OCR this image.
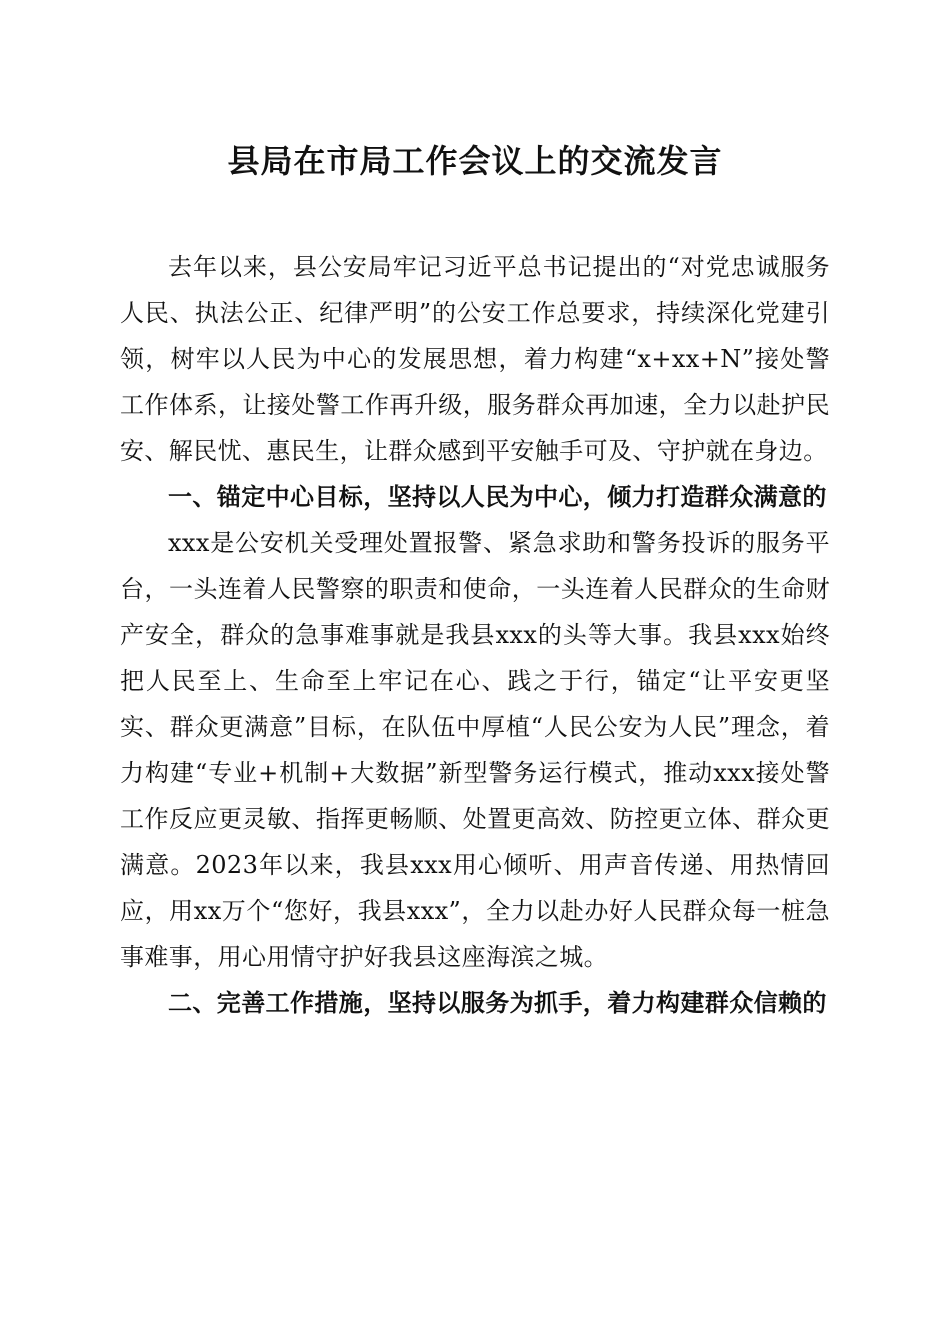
县局在市局工作会议上的交流发言

去年以来，县公安局牢记习近平总书记提出的“对党忠诚服务人民、执法公正、纪律严明”的公安工作总要求，持续深化党建引领，树牢以人民为中心的发展思想，着力构建“x+xx+N”接处警工作体系，让接处警工作再升级，服务群众再加速，全力以赴护民安、解民忧、惠民生，让群众感到平安触手可及、守护就在身边。

一、锚定中心目标，坚持以人民为中心，倾力打造群众满意的

xxx是公安机关受理处置报警、紧急求助和警务投诉的服务平台，一头连着人民警察的职责和使命，一头连着人民群众的生命财产安全，群众的急事难事就是我县xxx的头等大事。我县xxx始终把人民至上、生命至上牢记在心、践之于行，锚定“让平安更坚实、群众更满意”目标，在队伍中厚植“人民公安为人民”理念，着力构建“专业+机制+大数据”新型警务运行模式，推动xxx接处警工作反应更灵敏、指挥更畅顺、处置更高效、防控更立体、群众更满意。2023年以来，我县xxx用心倾听、用声音传递、用热情回应，用xx万个“您好，我县xxx”，全力以赴办好人民群众每一桩急事难事，用心用情守护好我县这座海滨之城。

二、完善工作措施，坚持以服务为抓手，着力构建群众信赖的
